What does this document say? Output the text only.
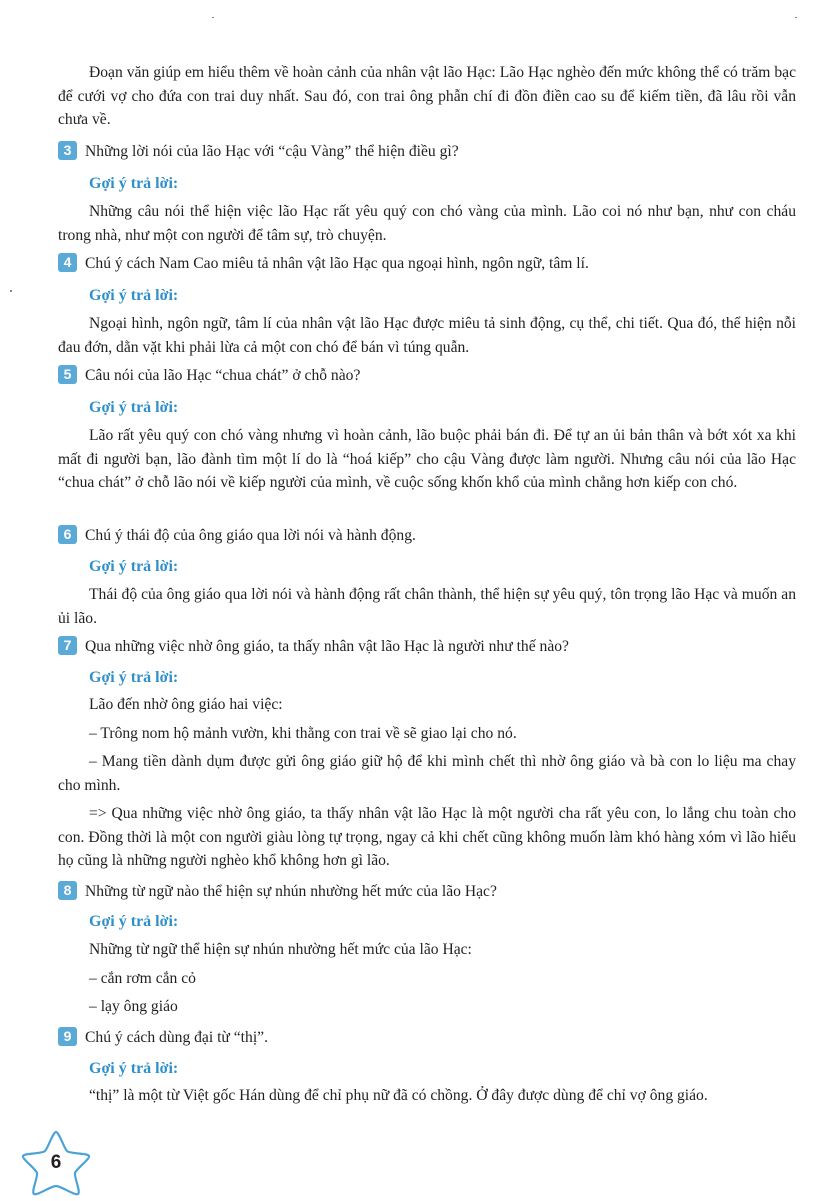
Đoạn văn giúp em hiểu thêm về hoàn cảnh của nhân vật lão Hạc: Lão Hạc nghèo đến mức không thể có trăm bạc để cưới vợ cho đứa con trai duy nhất. Sau đó, con trai ông phẫn chí đi đồn điền cao su để kiếm tiền, đã lâu rồi vẫn chưa về.

3 Những lời nói của lão Hạc với “cậu Vàng” thể hiện điều gì?
Gợi ý trả lời:

Những câu nói thể hiện việc lão Hạc rất yêu quý con chó vàng của mình. Lão coi nó như bạn, như con cháu trong nhà, như một con người để tâm sự, trò chuyện.

4 Chú ý cách Nam Cao miêu tả nhân vật lão Hạc qua ngoại hình, ngôn ngữ, tâm lí.
Gợi ý trả lời:

Ngoại hình, ngôn ngữ, tâm lí của nhân vật lão Hạc được miêu tả sinh động, cụ thể, chi tiết. Qua đó, thể hiện nỗi đau đớn, dằn vặt khi phải lừa cả một con chó để bán vì túng quẫn.

5 Câu nói của lão Hạc “chua chát” ở chỗ nào?
Gợi ý trả lời:

Lão rất yêu quý con chó vàng nhưng vì hoàn cảnh, lão buộc phải bán đi. Để tự an ủi bản thân và bớt xót xa khi mất đi người bạn, lão đành tìm một lí do là “hoá kiếp” cho cậu Vàng được làm người. Nhưng câu nói của lão Hạc “chua chát” ở chỗ lão nói về kiếp người của mình, về cuộc sống khốn khổ của mình chẳng hơn kiếp con chó.

6 Chú ý thái độ của ông giáo qua lời nói và hành động.
Gợi ý trả lời:

Thái độ của ông giáo qua lời nói và hành động rất chân thành, thể hiện sự yêu quý, tôn trọng lão Hạc và muốn an ủi lão.

7 Qua những việc nhờ ông giáo, ta thấy nhân vật lão Hạc là người như thế nào?
Gợi ý trả lời:

Lão đến nhờ ông giáo hai việc:

– Trông nom hộ mảnh vườn, khi thằng con trai về sẽ giao lại cho nó.

– Mang tiền dành dụm được gửi ông giáo giữ hộ để khi mình chết thì nhờ ông giáo và bà con lo liệu ma chay cho mình.

=> Qua những việc nhờ ông giáo, ta thấy nhân vật lão Hạc là một người cha rất yêu con, lo lắng chu toàn cho con. Đồng thời là một con người giàu lòng tự trọng, ngay cả khi chết cũng không muốn làm khó hàng xóm vì lão hiểu họ cũng là những người nghèo khổ không hơn gì lão.

8 Những từ ngữ nào thể hiện sự nhún nhường hết mức của lão Hạc?
Gợi ý trả lời:

Những từ ngữ thể hiện sự nhún nhường hết mức của lão Hạc:

– cắn rơm cắn cỏ

– lạy ông giáo

9 Chú ý cách dùng đại từ “thị”.
Gợi ý trả lời:

“thị” là một từ Việt gốc Hán dùng để chỉ phụ nữ đã có chồng. Ở đây được dùng để chỉ vợ ông giáo.

6
